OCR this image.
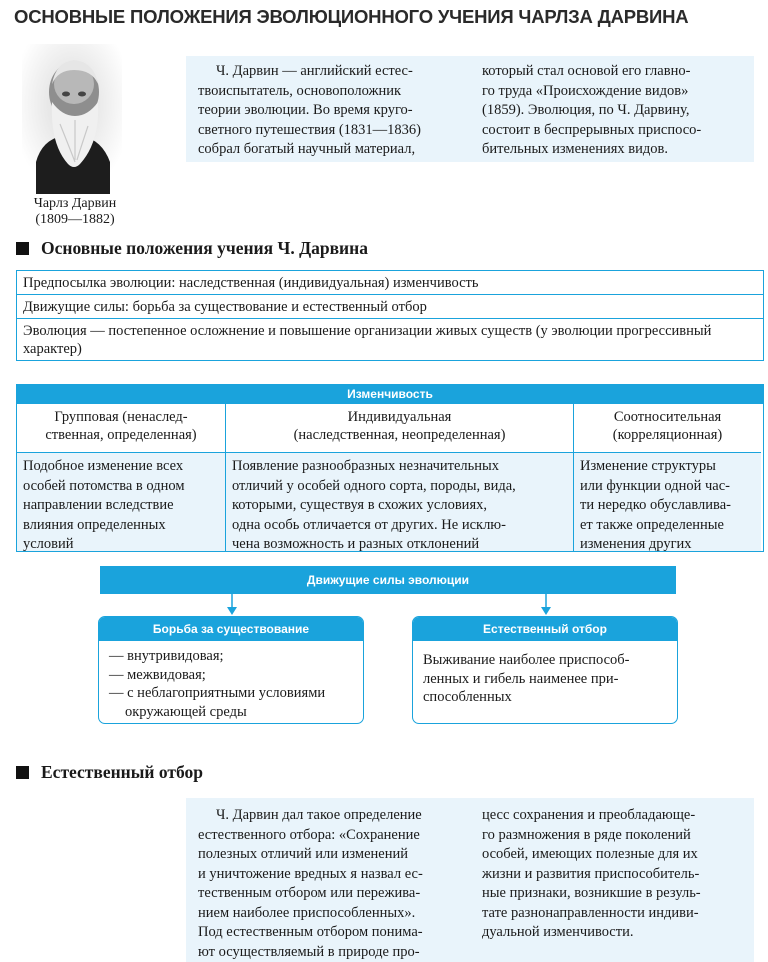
ОСНОВНЫЕ ПОЛОЖЕНИЯ ЭВОЛЮЦИОННОГО УЧЕНИЯ ЧАРЛЗА ДАРВИНА
Чарлз Дарвин
(1809—1882)

Ч. Дарвин — английский естес-

твоиспытатель, основоположник

теории эволюции. Во время круго-

светного путешествия (1831—1836)

собрал богатый научный материал,

который стал основой его главно-

го труда «Происхождение видов»

(1859). Эволюция, по Ч. Дарвину,

состоит в беспрерывных приспосо-

бительных изменениях видов.

Основные положения учения Ч. Дарвина
Предпосылка эволюции: наследственная (индивидуальная) изменчивость
Движущие силы: борьба за существование и естественный отбор
Эволюция — постепенное осложнение и повышение организации живых существ (у эволюции прогрессивный характер)
Изменчивость
Групповая (ненаслед-
ственная, определенная)
Подобное изменение всех
особей потомства в одном
направлении вследствие
влияния определенных
условий
Индивидуальная
(наследственная, неопределенная)
Появление разнообразных незначительных
отличий у особей одного сорта, породы, вида,
которыми, существуя в схожих условиях,
одна особь отличается от других. Не исклю-
чена возможность и разных отклонений
Соотносительная
(корреляционная)
Изменение структуры
или функции одной час-
ти нередко обуславлива-
ет также определенные
изменения других
Движущие силы эволюции
Борьба за существование
— внутривидовая;
— межвидовая;
— с неблагоприятными условиями окружающей среды
Естественный отбор
Выживание наиболее приспособ-
ленных и гибель наименее при-
способленных
Естественный отбор

Ч. Дарвин дал такое определение

естественного отбора: «Сохранение

полезных отличий или изменений

и уничтожение вредных я назвал ес-

тественным отбором или пережива-

нием наиболее приспособленных».

Под естественным отбором понима-

ют осуществляемый в природе про-

цесс сохранения и преобладающе-

го размножения в ряде поколений

особей, имеющих полезные для их

жизни и развития приспособитель-

ные признаки, возникшие в резуль-

тате разнонаправленности индиви-

дуальной изменчивости.
